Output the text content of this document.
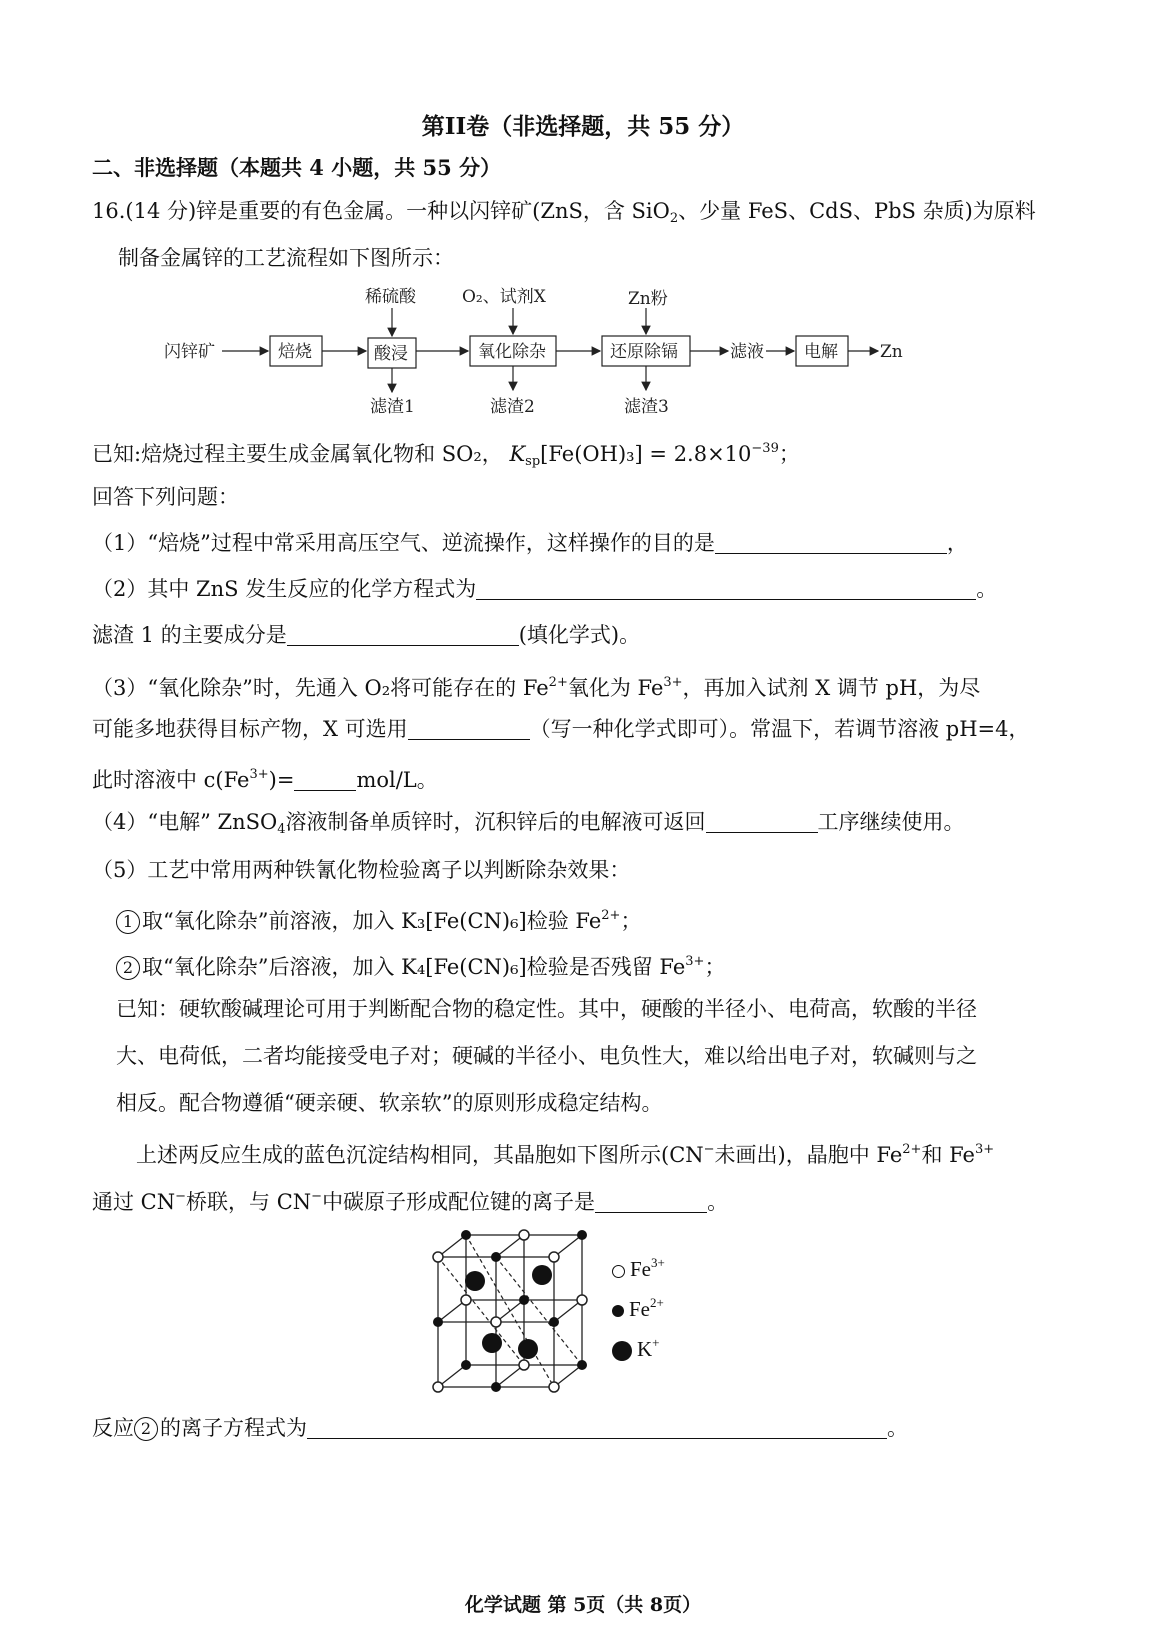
第II卷（非选择题，共 55 分）
二、非选择题（本题共 4 小题，共 55 分）
16.(14 分)锌是重要的有色金属。一种以闪锌矿(ZnS，含 SiO$_2$、少量 FeS、CdS、PbS 杂质)为原料
制备金属锌的工艺流程如下图所示：
闪锌矿	焙烧	酸浸	氧化除杂	还原除镉	滤液 电解 Zn
稀硫酸	O₂、试剂X	Zn粉
滤渣1	滤渣2	滤渣3
已知:焙烧过程主要生成金属氧化物和 SO₂， $K_{sp}[Fe(OH)_3] = 2.8\times 10^{-39}$；
回答下列问题：
（1）“焙烧”过程中常采用高压空气、逆流操作，这样操作的目的是	，
（2）其中 ZnS 发生反应的化学方程式为	。
滤渣 1 的主要成分是	(填化学式)。
（3）“氧化除杂”时，先通入 O₂将可能存在的 $Fe^{2+}$氧化为 $Fe^{3+}$，再加入试剂 X 调节 pH，为尽
可能多地获得目标产物，X 可选用	（写一种化学式即可）。常温下，若调节溶液 pH=4，
此时溶液中 $c(Fe^{3+})=$	mol/L。
（4）“电解” ZnSO$_4$溶液制备单质锌时，沉积锌后的电解液可返回	工序继续使用。
（5）工艺中常用两种铁氰化物检验离子以判断除杂效果：
1 取“氧化除杂”前溶液，加入 K₃[Fe(CN)₆]检验 $Fe^{2+}$；
2 取“氧化除杂”后溶液，加入 K₄[Fe(CN)₆]检验是否残留 $Fe^{3+}$；
已知：硬软酸碱理论可用于判断配合物的稳定性。其中，硬酸的半径小、电荷高，软酸的半径
大、电荷低，二者均能接受电子对；硬碱的半径小、电负性大，难以给出电子对，软碱则与之
相反。配合物遵循“硬亲硬、软亲软”的原则形成稳定结构。
上述两反应生成的蓝色沉淀结构相同，其晶胞如下图所示(CN−未画出)，晶胞中 $Fe^{2+}$和 $Fe^{3+}$
通过 CN−桥联，与 CN−中碳原子形成配位键的离子是	。
$Fe^{3+}$
$Fe^{2+}$
K+
反应 2 的离子方程式为	。
化学试题 第 5页（共 8页）
